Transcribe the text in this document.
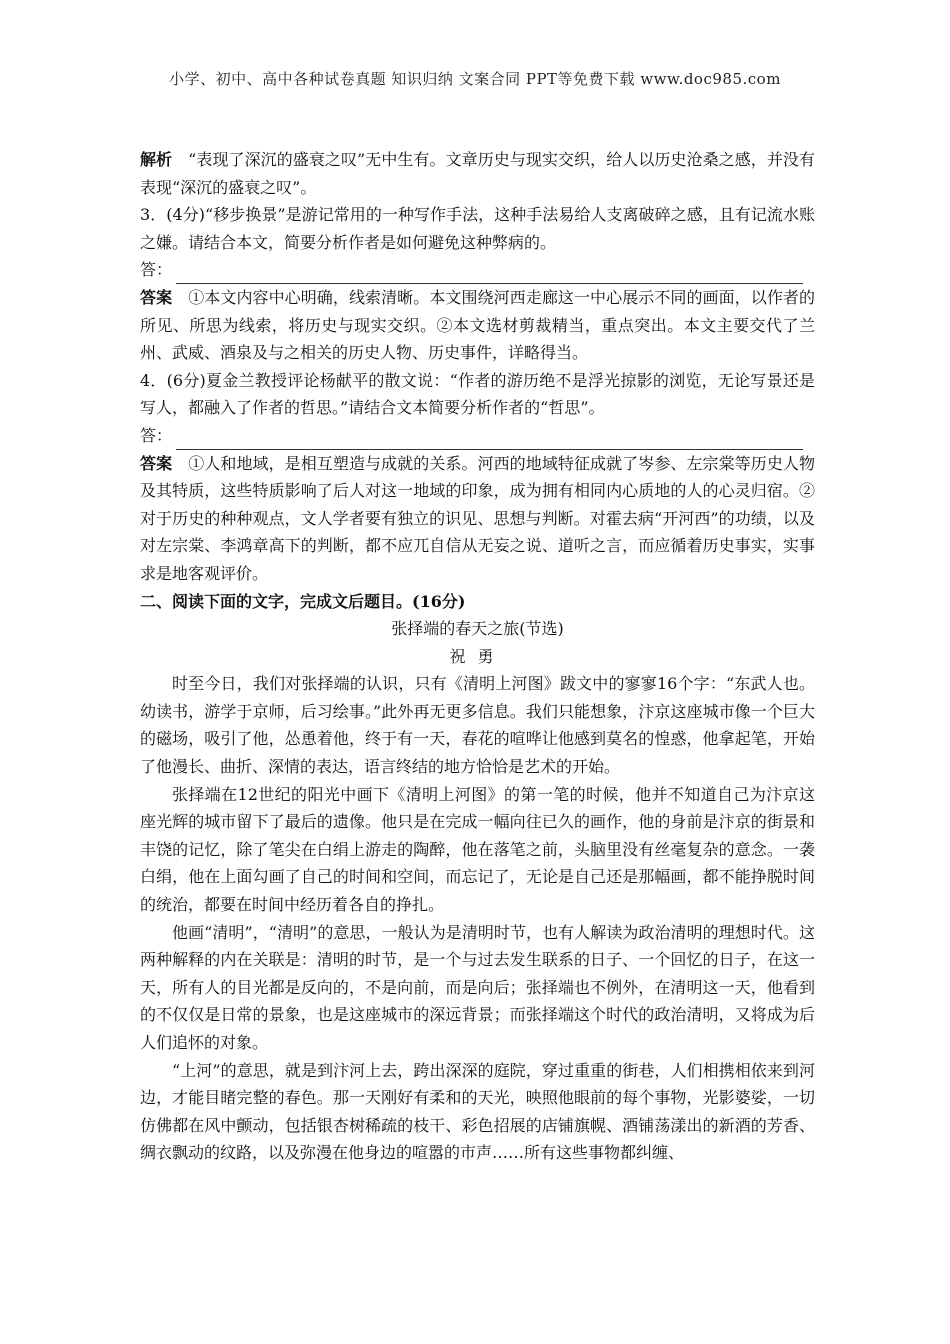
小学、初中、高中各种试卷真题 知识归纳 文案合同 PPT等免费下载 www.doc985.com

解析　“表现了深沉的盛衰之叹”无中生有。文章历史与现实交织，给人以历史沧桑之感，并没有表现“深沉的盛衰之叹”。

3．(4分)“移步换景”是游记常用的一种写作手法，这种手法易给人支离破碎之感，且有记流水账之嫌。请结合本文，简要分析作者是如何避免这种弊病的。

答：

答案　 ①本文内容中心明确，线索清晰。本文围绕河西走廊这一中心展示不同的画面，以作者的所见、所思为线索，将历史与现实交织。②本文选材剪裁精当，重点突出。本文主要交代了兰州、武威、酒泉及与之相关的历史人物、历史事件，详略得当。

4．(6分)夏金兰教授评论杨献平的散文说：“作者的游历绝不是浮光掠影的浏览，无论写景还是写人，都融入了作者的哲思。”请结合文本简要分析作者的“哲思”。

答：

答案　 ①人和地域，是相互塑造与成就的关系。河西的地域特征成就了岑参、左宗棠等历史人物及其特质，这些特质影响了后人对这一地域的印象，成为拥有相同内心质地的人的心灵归宿。②对于历史的种种观点，文人学者要有独立的识见、思想与判断。对霍去病“开河西”的功绩，以及对左宗棠、李鸿章高下的判断，都不应兀自信从无妄之说、道听之言，而应循着历史事实，实事求是地客观评价。

二、阅读下面的文字，完成文后题目。(16分)

张择端的春天之旅(节选)

祝勇

时至今日，我们对张择端的认识，只有《清明上河图》跋文中的寥寥16个字：“东武人也。幼读书，游学于京师，后习绘事。”此外再无更多信息。我们只能想象，汴京这座城市像一个巨大的磁场，吸引了他，怂恿着他，终于有一天，春花的喧哗让他感到莫名的惶惑，他拿起笔，开始了他漫长、曲折、深情的表达，语言终结的地方恰恰是艺术的开始。

张择端在12世纪的阳光中画下《清明上河图》的第一笔的时候，他并不知道自己为汴京这座光辉的城市留下了最后的遗像。他只是在完成一幅向往已久的画作，他的身前是汴京的街景和丰饶的记忆，除了笔尖在白绢上游走的陶醉，他在落笔之前，头脑里没有丝毫复杂的意念。一袭白绢，他在上面勾画了自己的时间和空间，而忘记了，无论是自己还是那幅画，都不能挣脱时间的统治，都要在时间中经历着各自的挣扎。

他画“清明”，“清明”的意思，一般认为是清明时节，也有人解读为政治清明的理想时代。这两种解释的内在关联是：清明的时节，是一个与过去发生联系的日子、一个回忆的日子，在这一天，所有人的目光都是反向的，不是向前，而是向后；张择端也不例外，在清明这一天，他看到的不仅仅是日常的景象，也是这座城市的深远背景；而张择端这个时代的政治清明，又将成为后人们追怀的对象。

“上河”的意思，就是到汴河上去，跨出深深的庭院，穿过重重的街巷，人们相携相依来到河边，才能目睹完整的春色。那一天刚好有柔和的天光，映照他眼前的每个事物，光影婆娑，一切仿佛都在风中颤动，包括银杏树稀疏的枝干、彩色招展的店铺旗幌、酒铺荡漾出的新酒的芳香、绸衣飘动的纹路，以及弥漫在他身边的喧嚣的市声……所有这些事物都纠缠、
